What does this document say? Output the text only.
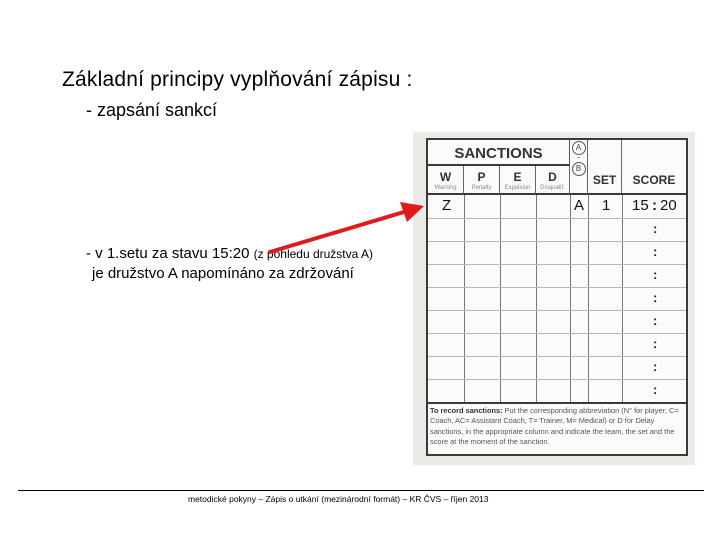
Základní principy vyplňování zápisu :
- zapsání sankcí
- v 1.setu za stavu 15:20 (z pohledu družstva A)
je družstvo A napomínáno za zdržování
SANCTIONS
W
Warning
P
Penalty
E
Expulsion
D
Disqualif.
A
–
B
SET	SCORE
Z	A 1 15 : 20
:
:
:
:
:
:
:
:
To record sanctions: Put the corresponding abbreviation (N° for player; C= Coach, AC= Assistant Coach, T= Trainer, M= Medical) or D for Delay sanctions, in the appropriate column and indicate the team, the set and the score at the moment of the sanction.
metodické pokyny – Zápis o utkání (mezinárodní formát) – KR ČVS – říjen 2013
